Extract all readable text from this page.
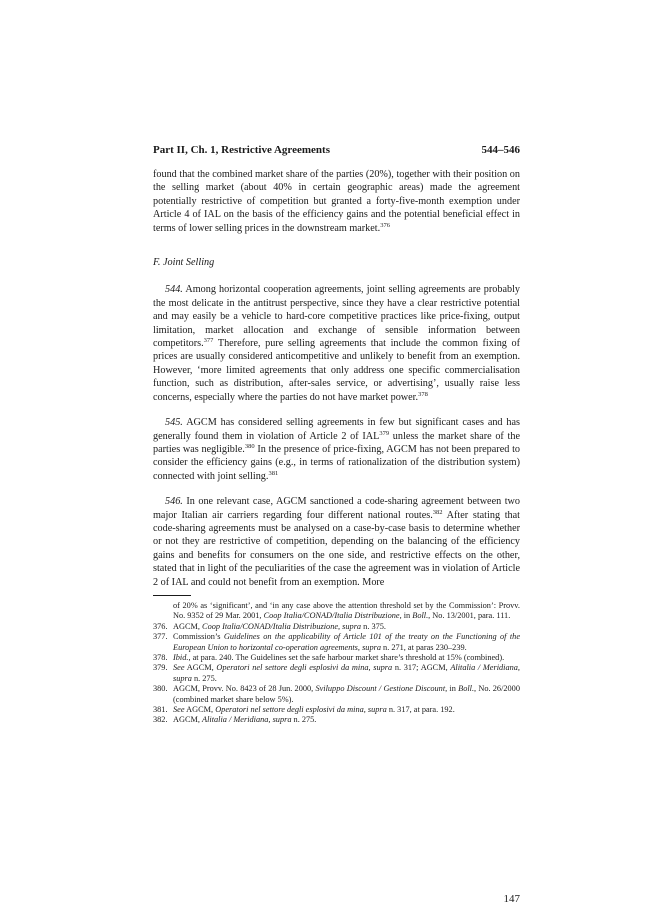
Part II, Ch. 1, Restrictive Agreements	544–546

found that the combined market share of the parties (20%), together with their position on the selling market (about 40% in certain geographic areas) made the agreement potentially restrictive of competition but granted a forty-five-month exemption under Article 4 of IAL on the basis of the efficiency gains and the potential beneficial effect in terms of lower selling prices in the downstream market.$^{376}$

F. Joint Selling

544. Among horizontal cooperation agreements, joint selling agreements are probably the most delicate in the antitrust perspective, since they have a clear restrictive potential and may easily be a vehicle to hard-core competitive practices like price-fixing, output limitation, market allocation and exchange of sensible information between competitors.$^{377}$ Therefore, pure selling agreements that include the common fixing of prices are usually considered anticompetitive and unlikely to benefit from an exemption. However, ‘more limited agreements that only address one specific commercialisation function, such as distribution, after-sales service, or advertising’, usually raise less concerns, especially where the parties do not have market power.$^{378}$

545. AGCM has considered selling agreements in few but significant cases and has generally found them in violation of Article 2 of IAL$^{379}$ unless the market share of the parties was negligible.$^{380}$ In the presence of price-fixing, AGCM has not been prepared to consider the efficiency gains (e.g., in terms of rationalization of the distribution system) connected with joint selling.$^{381}$

546. In one relevant case, AGCM sanctioned a code-sharing agreement between two major Italian air carriers regarding four different national routes.$^{382}$ After stating that code-sharing agreements must be analysed on a case-by-case basis to determine whether or not they are restrictive of competition, depending on the balancing of the efficiency gains and benefits for consumers on the one side, and restrictive effects on the other, stated that in light of the peculiarities of the case the agreement was in violation of Article 2 of IAL and could not benefit from an exemption. More

of 20% as ‘significant’, and ‘in any case above the attention threshold set by the Commission’: Provv. No. 9352 of 29 Mar. 2001, Coop Italia/CONAD/Italia Distribuzione, in Boll., No. 13/2001, para. 111.
376. AGCM, Coop Italia/CONAD/Italia Distribuzione, supra n. 375.
377. Commission’s Guidelines on the applicability of Article 101 of the treaty on the Functioning of the European Union to horizontal co-operation agreements, supra n. 271, at paras 230–239.
378. Ibid., at para. 240. The Guidelines set the safe harbour market share’s threshold at 15% (combined).
379. See AGCM, Operatori nel settore degli esplosivi da mina, supra n. 317; AGCM, Alitalia / Meridiana, supra n. 275.
380. AGCM, Provv. No. 8423 of 28 Jun. 2000, Sviluppo Discount / Gestione Discount, in Boll., No. 26/2000 (combined market share below 5%).
381. See AGCM, Operatori nel settore degli esplosivi da mina, supra n. 317, at para. 192.
382. AGCM, Alitalia / Meridiana, supra n. 275.
147
